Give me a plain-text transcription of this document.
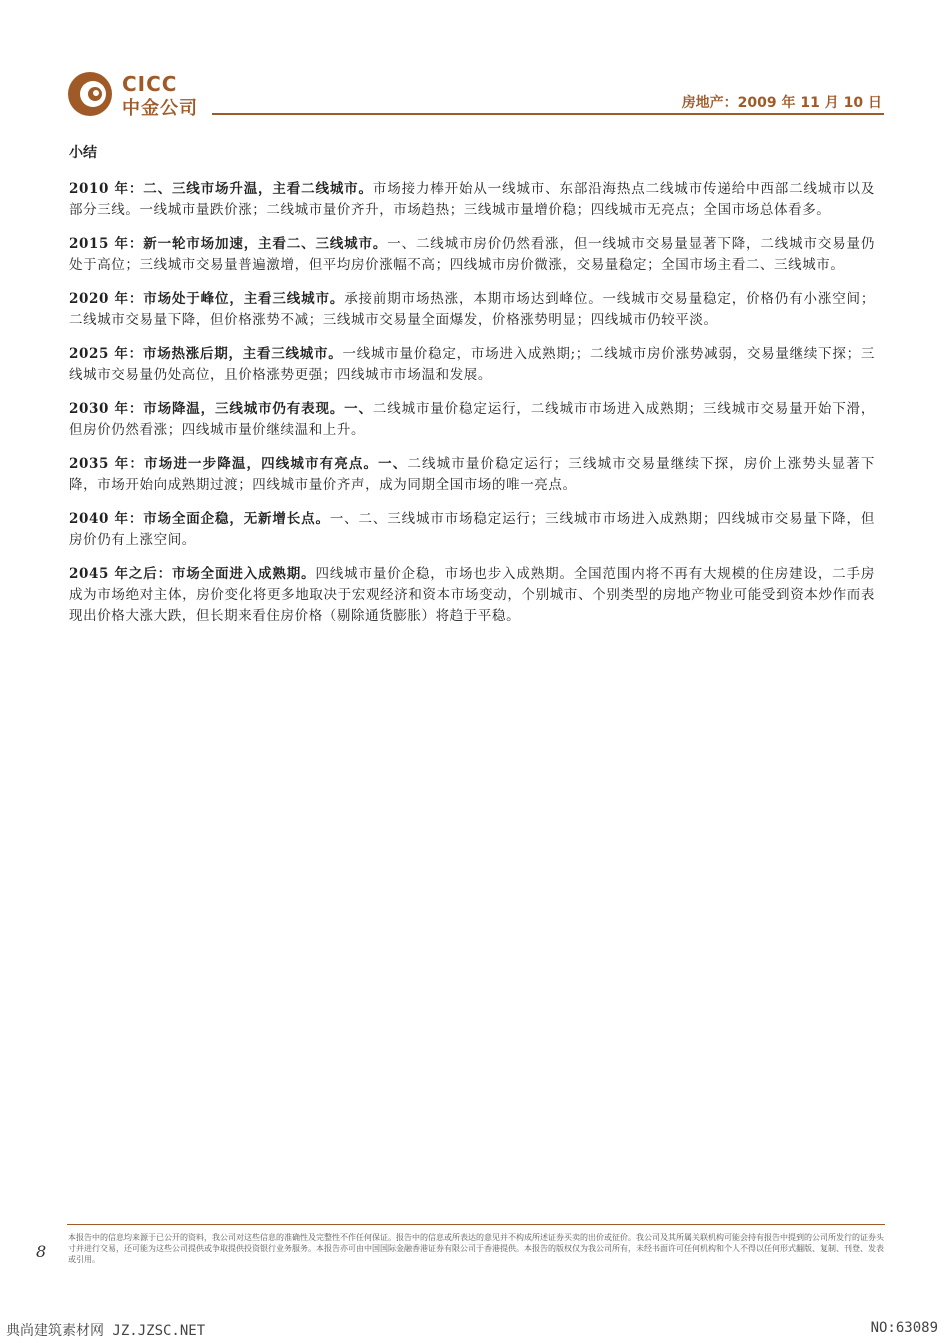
CICC
中金公司	房地产：2009 年 11 月 10 日
小结

2010 年：二、三线市场升温，主看二线城市。市场接力棒开始从一线城市、东部沿海热点二线城市传递给中西部二线城市以及部分三线。一线城市量跌价涨；二线城市量价齐升，市场趋热；三线城市量增价稳；四线城市无亮点；全国市场总体看多。

2015 年：新一轮市场加速，主看二、三线城市。一、二线城市房价仍然看涨，但一线城市交易量显著下降，二线城市交易量仍处于高位；三线城市交易量普遍激增，但平均房价涨幅不高；四线城市房价微涨，交易量稳定；全国市场主看二、三线城市。

2020 年：市场处于峰位，主看三线城市。承接前期市场热涨，本期市场达到峰位。一线城市交易量稳定，价格仍有小涨空间；二线城市交易量下降，但价格涨势不减；三线城市交易量全面爆发，价格涨势明显；四线城市仍较平淡。

2025 年：市场热涨后期，主看三线城市。一线城市量价稳定，市场进入成熟期;；二线城市房价涨势减弱，交易量继续下探；三线城市交易量仍处高位，且价格涨势更强；四线城市市场温和发展。

2030 年：市场降温，三线城市仍有表现。一、二线城市量价稳定运行，二线城市市场进入成熟期；三线城市交易量开始下滑，但房价仍然看涨；四线城市量价继续温和上升。

2035 年：市场进一步降温，四线城市有亮点。一、二线城市量价稳定运行；三线城市交易量继续下探，房价上涨势头显著下降，市场开始向成熟期过渡；四线城市量价齐声，成为同期全国市场的唯一亮点。

2040 年：市场全面企稳，无新增长点。一、二、三线城市市场稳定运行；三线城市市场进入成熟期；四线城市交易量下降，但房价仍有上涨空间。

2045 年之后：市场全面进入成熟期。四线城市量价企稳，市场也步入成熟期。全国范围内将不再有大规模的住房建设，二手房成为市场绝对主体，房价变化将更多地取决于宏观经济和资本市场变动，个别城市、个别类型的房地产物业可能受到资本炒作而表现出价格大涨大跌，但长期来看住房价格（剔除通货膨胀）将趋于平稳。

8
本报告中的信息均来源于已公开的资料，我公司对这些信息的准确性及完整性不作任何保证。报告中的信息或所表达的意见并不构成所述证券买卖的出价或征价。我公司及其所属关联机构可能会持有报告中提到的公司所发行的证券头寸并进行交易，还可能为这些公司提供或争取提供投资银行业务服务。本报告亦可由中国国际金融香港证券有限公司于香港提供。本报告的版权仅为我公司所有，未经书面许可任何机构和个人不得以任何形式翻版、复制、刊登、发表或引用。
典尚建筑素材网 JZ.JZSC.NET	NO:63089
